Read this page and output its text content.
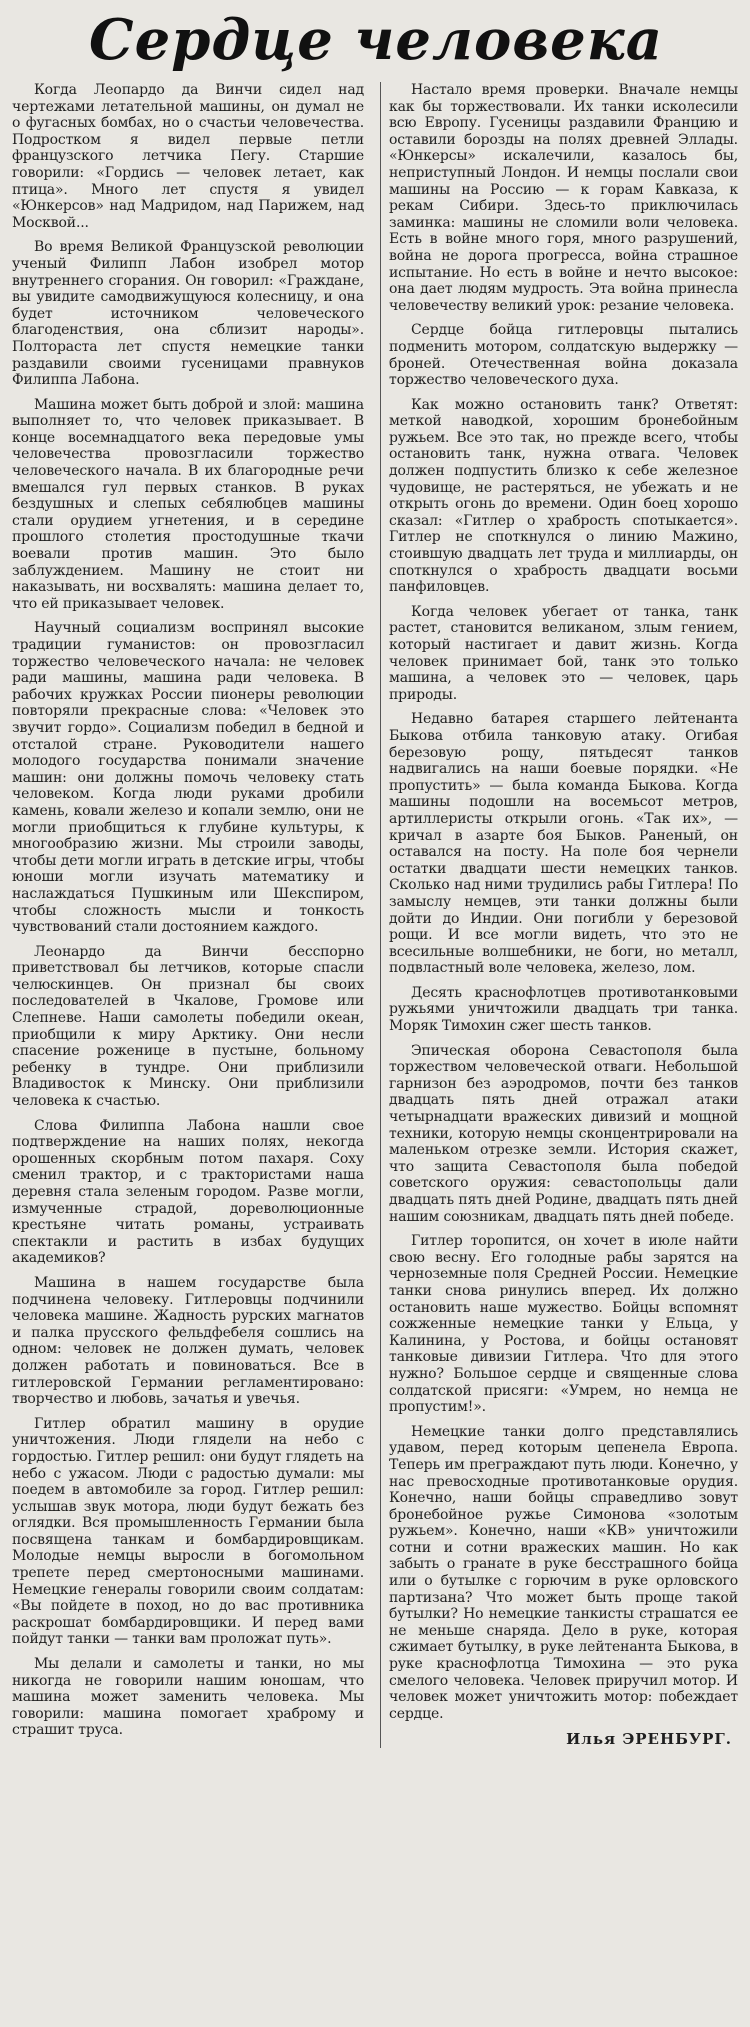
Сердце человека

Когда Леопардо да Винчи сидел над чертежами летательной машины, он думал не о фугасных бомбах, но о счастьи человечества. Подростком я видел первые петли французского летчика Пегу. Старшие говорили: «Гордись — человек летает, как птица». Много лет спустя я увидел «Юнкерсов» над Мадридом, над Парижем, над Москвой...

Во время Великой Французской революции ученый Филипп Лабон изобрел мотор внутреннего сгорания. Он говорил: «Граждане, вы увидите самодвижущуюся колесницу, и она будет источником человеческого благоденствия, она сблизит народы». Полтораста лет спустя немецкие танки раздавили своими гусеницами правнуков Филиппа Лабона.

Машина может быть доброй и злой: машина выполняет то, что человек приказывает. В конце восемнадцатого века передовые умы человечества провозгласили торжество человеческого начала. В их благородные речи вмешался гул первых станков. В руках бездушных и слепых себялюбцев машины стали орудием угнетения, и в середине прошлого столетия простодушные ткачи воевали против машин. Это было заблуждением. Машину не стоит ни наказывать, ни восхвалять: машина делает то, что ей приказывает человек.

Научный социализм воспринял высокие традиции гуманистов: он провозгласил торжество человеческого начала: не человек ради машины, машина ради человека. В рабочих кружках России пионеры революции повторяли прекрасные слова: «Человек это звучит гордо». Социализм победил в бедной и отсталой стране. Руководители нашего молодого государства понимали значение машин: они должны помочь человеку стать человеком. Когда люди руками дробили камень, ковали железо и копали землю, они не могли приобщиться к глубине культуры, к многообразию жизни. Мы строили заводы, чтобы дети могли играть в детские игры, чтобы юноши могли изучать математику и наслаждаться Пушкиным или Шекспиром, чтобы сложность мысли и тонкость чувствований стали достоянием каждого.

Леонардо да Винчи бесспорно приветствовал бы летчиков, которые спасли челюскинцев. Он признал бы своих последователей в Чкалове, Громове или Слепневе. Наши самолеты победили океан, приобщили к миру Арктику. Они несли спасение роженице в пустыне, больному ребенку в тундре. Они приблизили Владивосток к Минску. Они приблизили человека к счастью.

Слова Филиппа Лабона нашли свое подтверждение на наших полях, некогда орошенных скорбным потом пахаря. Соху сменил трактор, и с трактористами наша деревня стала зеленым городом. Разве могли, измученные страдой, дореволюционные крестьяне читать романы, устраивать спектакли и растить в избах будущих академиков?

Машина в нашем государстве была подчинена человеку. Гитлеровцы подчинили человека машине. Жадность рурских магнатов и палка прусского фельдфебеля сошлись на одном: человек не должен думать, человек должен работать и повиноваться. Все в гитлеровской Германии регламентировано: творчество и любовь, зачатья и увечья.

Гитлер обратил машину в орудие уничтожения. Люди глядели на небо с гордостью. Гитлер решил: они будут глядеть на небо с ужасом. Люди с радостью думали: мы поедем в автомобиле за город. Гитлер решил: услышав звук мотора, люди будут бежать без оглядки. Вся промышленность Германии была посвящена танкам и бомбардировщикам. Молодые немцы выросли в богомольном трепете перед смертоносными машинами. Немецкие генералы говорили своим солдатам: «Вы пойдете в поход, но до вас противника раскрошат бомбардировщики. И перед вами пойдут танки — танки вам проложат путь».

Мы делали и самолеты и танки, но мы никогда не говорили нашим юношам, что машина может заменить человека. Мы говорили: машина помогает храброму и страшит труса.

Настало время проверки. Вначале немцы как бы торжествовали. Их танки исколесили всю Европу. Гусеницы раздавили Францию и оставили борозды на полях древней Эллады. «Юнкерсы» искалечили, казалось бы, неприступный Лондон. И немцы послали свои машины на Россию — к горам Кавказа, к рекам Сибири. Здесь-то приключилась заминка: машины не сломили воли человека. Есть в войне много горя, много разрушений, война не дорога прогресса, война страшное испытание. Но есть в войне и нечто высокое: она дает людям мудрость. Эта война принесла человечеству великий урок: резание человека.

Сердце бойца гитлеровцы пытались подменить мотором, солдатскую выдержку — броней. Отечественная война доказала торжество человеческого духа.

Как можно остановить танк? Ответят: меткой наводкой, хорошим бронебойным ружьем. Все это так, но прежде всего, чтобы остановить танк, нужна отвага. Человек должен подпустить близко к себе железное чудовище, не растеряться, не убежать и не открыть огонь до времени. Один боец хорошо сказал: «Гитлер о храбрость спотыкается». Гитлер не споткнулся о линию Мажино, стоившую двадцать лет труда и миллиарды, он споткнулся о храбрость двадцати восьми панфиловцев.

Когда человек убегает от танка, танк растет, становится великаном, злым гением, который настигает и давит жизнь. Когда человек принимает бой, танк это только машина, а человек это — человек, царь природы.

Недавно батарея старшего лейтенанта Быкова отбила танковую атаку. Огибая березовую рощу, пятьдесят танков надвигались на наши боевые порядки. «Не пропустить» — была команда Быкова. Когда машины подошли на восемьсот метров, артиллеристы открыли огонь. «Так их», — кричал в азарте боя Быков. Раненый, он оставался на посту. На поле боя чернели остатки двадцати шести немецких танков. Сколько над ними трудились рабы Гитлера! По замыслу немцев, эти танки должны были дойти до Индии. Они погибли у березовой рощи. И все могли видеть, что это не всесильные волшебники, не боги, но металл, подвластный воле человека, железо, лом.

Десять краснофлотцев противотанковыми ружьями уничтожили двадцать три танка. Моряк Тимохин сжег шесть танков.

Эпическая оборона Севастополя была торжеством человеческой отваги. Небольшой гарнизон без аэродромов, почти без танков двадцать пять дней отражал атаки четырнадцати вражеских дивизий и мощной техники, которую немцы сконцентрировали на маленьком отрезке земли. История скажет, что защита Севастополя была победой советского оружия: севастопольцы дали двадцать пять дней Родине, двадцать пять дней нашим союзникам, двадцать пять дней победе.

Гитлер торопится, он хочет в июле найти свою весну. Его голодные рабы зарятся на черноземные поля Средней России. Немецкие танки снова ринулись вперед. Их должно остановить наше мужество. Бойцы вспомнят сожженные немецкие танки у Ельца, у Калинина, у Ростова, и бойцы остановят танковые дивизии Гитлера. Что для этого нужно? Большое сердце и священные слова солдатской присяги: «Умрем, но немца не пропустим!».

Немецкие танки долго представлялись удавом, перед которым цепенела Европа. Теперь им преграждают путь люди. Конечно, у нас превосходные противотанковые орудия. Конечно, наши бойцы справедливо зовут бронебойное ружье Симонова «золотым ружьем». Конечно, наши «КВ» уничтожили сотни и сотни вражеских машин. Но как забыть о гранате в руке бесстрашного бойца или о бутылке с горючим в руке орловского партизана? Что может быть проще такой бутылки? Но немецкие танкисты страшатся ее не меньше снаряда. Дело в руке, которая сжимает бутылку, в руке лейтенанта Быкова, в руке краснофлотца Тимохина — это рука смелого человека. Человек приручил мотор. И человек может уничтожить мотор: побеждает сердце.

Илья ЭРЕНБУРГ.
